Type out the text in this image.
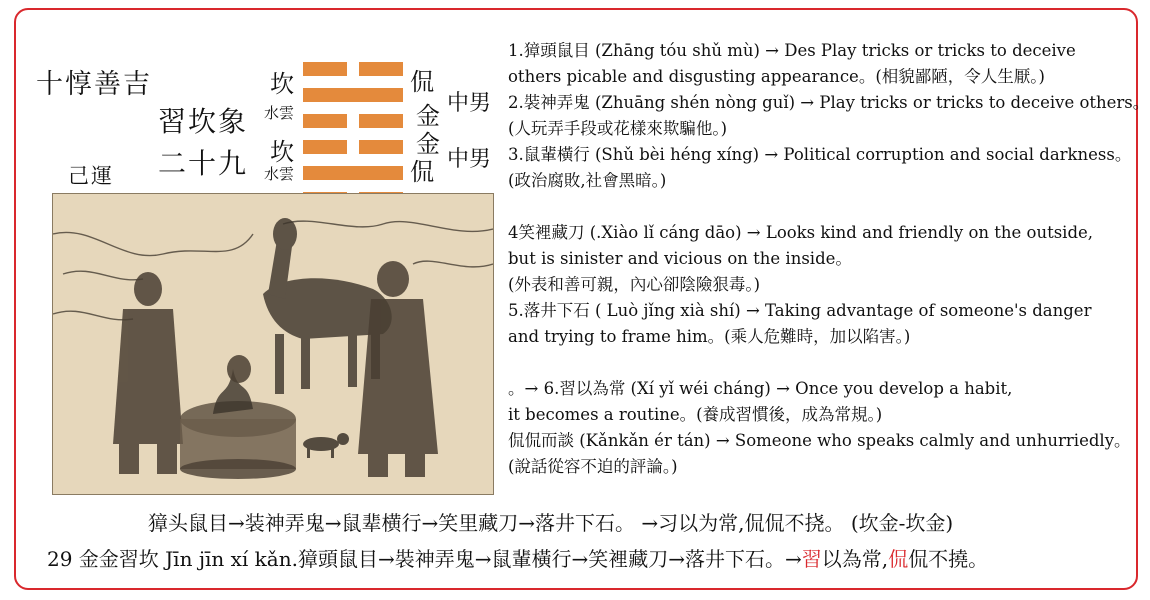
十惇善吉
習坎象
二十九
己運
坎
水雲
坎
水雲
侃
金
金
侃
中男
中男
1.獐頭鼠目 (Zhāng tóu shǔ mù) → Des Play tricks or tricks to deceive
others picable and disgusting appearance。(相貌鄙陋，令人生厭。)
2.裝神弄鬼 (Zhuāng shén nòng guǐ) → Play tricks or tricks to deceive others。
(人玩弄手段或花樣來欺騙他。)
3.鼠輩橫行 (Shǔ bèi héng xíng) → Political corruption and social darkness。
(政治腐敗,社會黑暗。)
4笑裡藏刀 (.Xiào lǐ cáng dāo) → Looks kind and friendly on the outside,
but is sinister and vicious on the inside。
(外表和善可親，內心卻陰險狠毒。)
5.落井下石 ( Luò jǐng xià shí) → Taking advantage of someone's danger
and trying to frame him。(乘人危難時，加以陷害。)
。→ 6.習以為常 (Xí yǐ wéi cháng) → Once you develop a habit,
it becomes a routine。(養成習慣後，成為常規。)
侃侃而談 (Kǎnkǎn ér tán) → Someone who speaks calmly and unhurriedly。
(說話從容不迫的評論。)
獐头鼠目→装神弄鬼→鼠辈横行→笑里藏刀→落井下石。 →习以为常,侃侃不挠。 (坎金-坎金)
29 金金習坎 Jīn jīn xí kǎn.獐頭鼠目→裝神弄鬼→鼠輩橫行→笑裡藏刀→落井下石。→習以為常,侃侃不撓。
